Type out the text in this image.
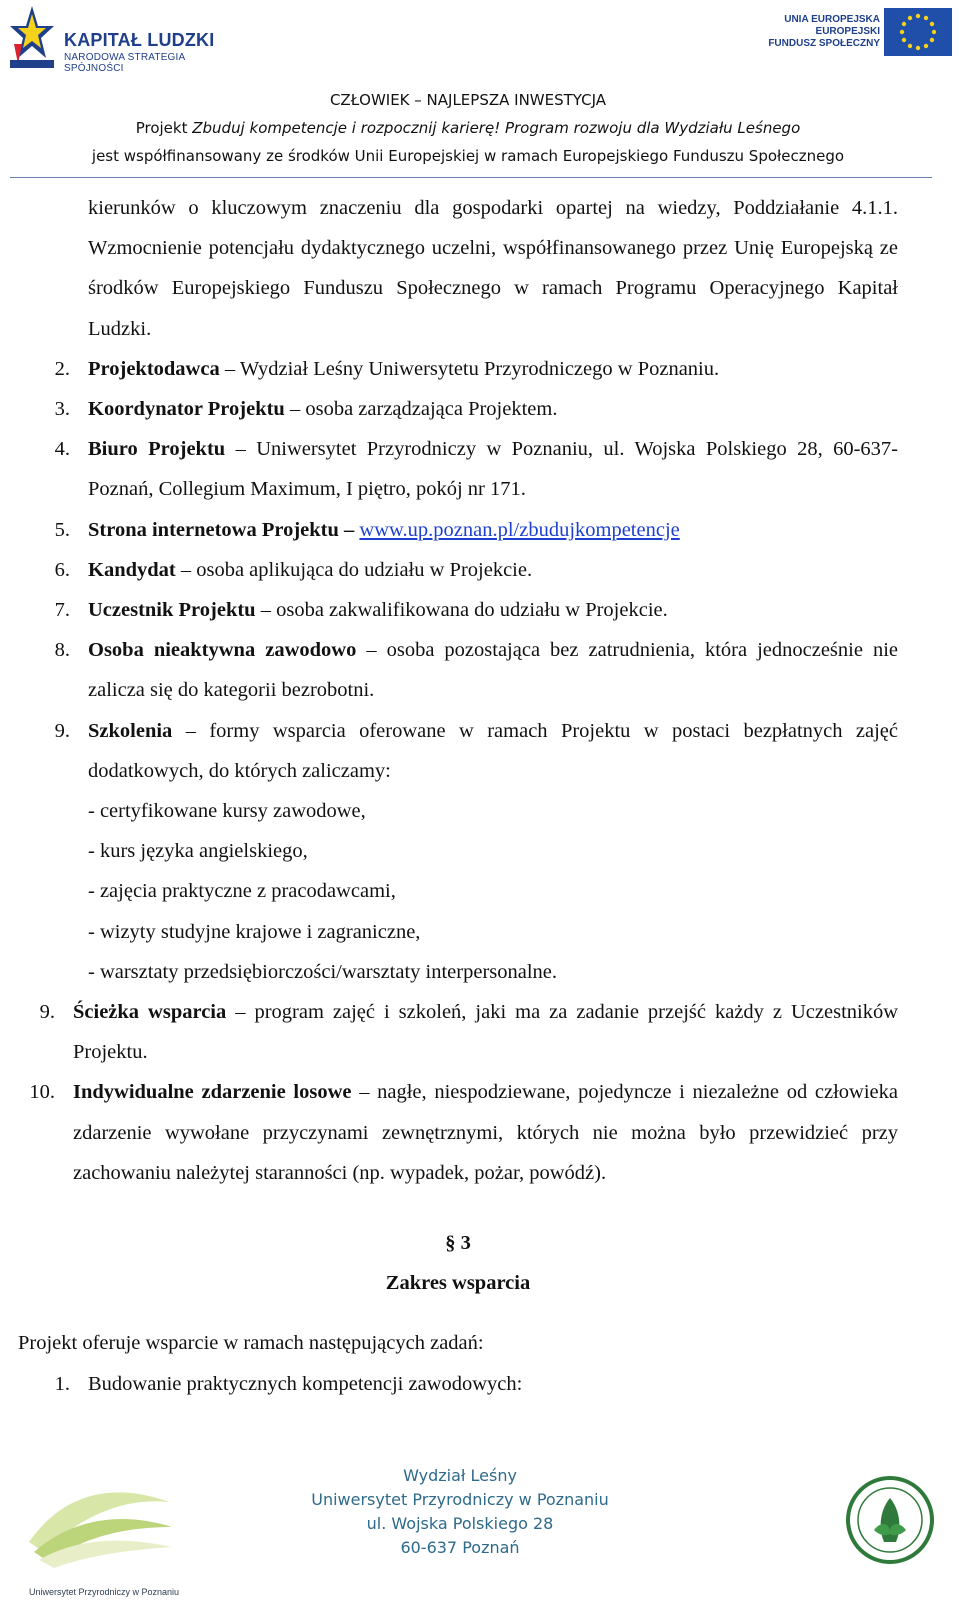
KAPITAŁ LUDZKI
NARODOWA STRATEGIA SPÓJNOŚCI
UNIA EUROPEJSKA
EUROPEJSKI
FUNDUSZ SPOŁECZNY
CZŁOWIEK – NAJLEPSZA INWESTYCJA
Projekt Zbuduj kompetencje i rozpocznij karierę! Program rozwoju dla Wydziału Leśnego
jest współfinansowany ze środków Unii Europejskiej w ramach Europejskiego Funduszu Społecznego
kierunków o kluczowym znaczeniu dla gospodarki opartej na wiedzy, Poddziałanie 4.1.1. Wzmocnienie potencjału dydaktycznego uczelni, współfinansowanego przez Unię Europejską ze środków Europejskiego Funduszu Społecznego w ramach Programu Operacyjnego Kapitał Ludzki.
2. Projektodawca – Wydział Leśny Uniwersytetu Przyrodniczego w Poznaniu.
3. Koordynator Projektu – osoba zarządzająca Projektem.
4. Biuro Projektu – Uniwersytet Przyrodniczy w Poznaniu, ul. Wojska Polskiego 28, 60-637- Poznań, Collegium Maximum, I piętro, pokój nr 171.
5. Strona internetowa Projektu – www.up.poznan.pl/zbudujkompetencje
6. Kandydat – osoba aplikująca do udziału w Projekcie.
7. Uczestnik Projektu – osoba zakwalifikowana do udziału w Projekcie.
8. Osoba nieaktywna zawodowo – osoba pozostająca bez zatrudnienia, która jednocześnie nie zalicza się do kategorii bezrobotni.
9. Szkolenia – formy wsparcia oferowane w ramach Projektu w postaci bezpłatnych zajęć dodatkowych, do których zaliczamy:
- certyfikowane kursy zawodowe,
- kurs języka angielskiego,
- zajęcia praktyczne z pracodawcami,
- wizyty studyjne krajowe i zagraniczne,
- warsztaty przedsiębiorczości/warsztaty interpersonalne.
9. Ścieżka wsparcia – program zajęć i szkoleń, jaki ma za zadanie przejść każdy z Uczestników Projektu.
10. Indywidualne zdarzenie losowe – nagłe, niespodziewane, pojedyncze i niezależne od człowieka zdarzenie wywołane przyczynami zewnętrznymi, których nie można było przewidzieć przy zachowaniu należytej staranności (np. wypadek, pożar, powódź).
§ 3
Zakres wsparcia
Projekt oferuje wsparcie w ramach następujących zadań:
1. Budowanie praktycznych kompetencji zawodowych:
Uniwersytet Przyrodniczy w Poznaniu
Wydział Leśny
Uniwersytet Przyrodniczy w Poznaniu
ul. Wojska Polskiego 28
60-637 Poznań
